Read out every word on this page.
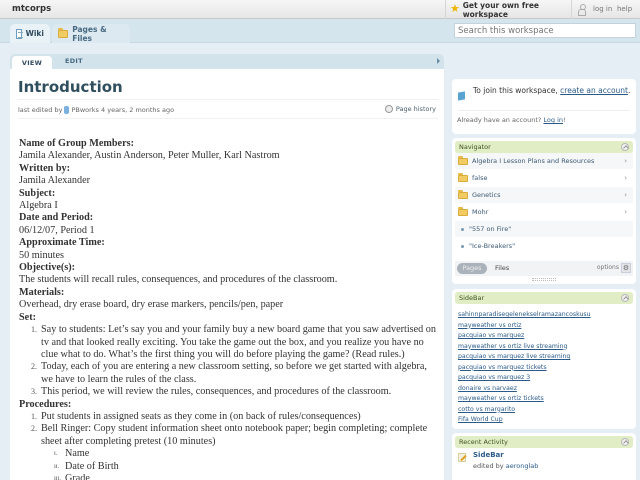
mtcorps ★	Get your own free workspace
log in help
Wiki	Pages & Files
Search this workspace
VIEW	EDIT
Introduction
last edited by PBworks
4 years, 2 months ago	Page history
Name of Group Members:
Jamila Alexander, Austin Anderson, Peter Muller, Karl Nastrom
Written by:
Jamila Alexander
Subject:
Algebra I
Date and Period:
06/12/07, Period 1
Approximate Time:
50 minutes
Objective(s):
The students will recall rules, consequences, and procedures of the classroom.
Materials:
Overhead, dry erase board, dry erase markers, pencils/pen, paper
Set:
1. Say to students: Let’s say you and your family buy a new board game that you saw advertised on tv and that looked really exciting. You take the game out the box, and you realize you have no clue what to do. What’s the first thing you will do before playing the game? (Read rules.)
2. Today, each of you are entering a new classroom setting, so before we get started with algebra, we have to learn the rules of the class.
3. This period, we will review the rules, consequences, and procedures of the classroom.
Procedures:
1. Put students in assigned seats as they come in (on back of rules/consequences)
2. Bell Ringer: Copy student information sheet onto notebook paper; begin completing; complete sheet after completing pretest (10 minutes)
i. Name
ii. Date of Birth
iii. Grade
To join this workspace, create an account.
Already have an account? Log in!
Navigator
Algebra I Lesson Plans and Resources	›
false	›
Genetics	›
Mohr	›
"557 on Fire"
"Ice-Breakers"
Pages	Files	options ⚙
SideBar
sahinnparadisegelenekselramazancoskusu
mayweather vs ortiz
pacquiao vs marquez
mayweather vs ortiz live streaming
pacquiao vs marquez live streaming
pacquiao vs marquez tickets
pacquiao vs marquez 3
donaire vs narvaez
mayweather vs ortiz tickets
cotto vs margarito
Fifa World Cup
Recent Activity
SideBar
edited by aeronglab
